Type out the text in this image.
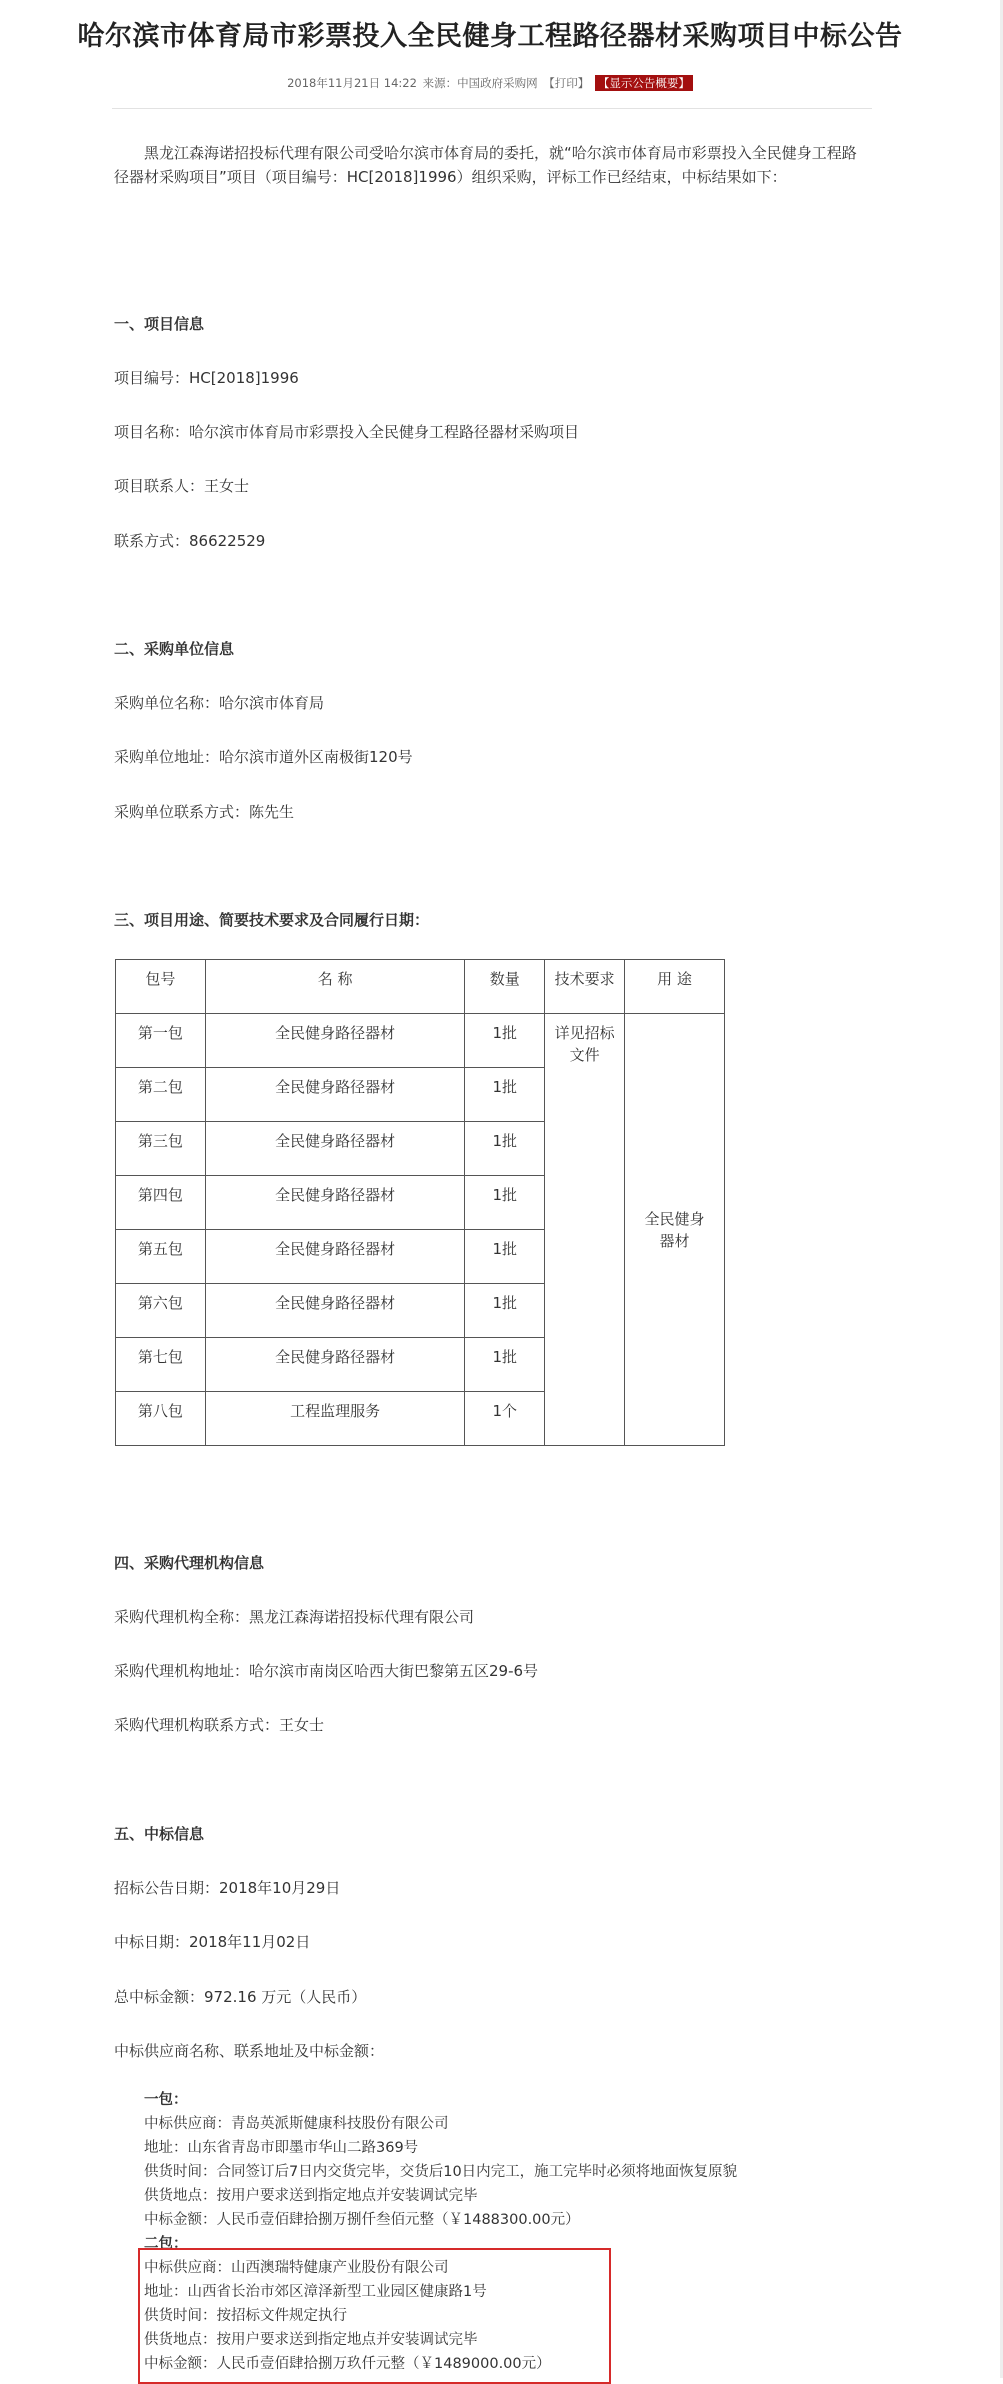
哈尔滨市体育局市彩票投入全民健身工程路径器材采购项目中标公告
2018年11月21日 14:22 来源：中国政府采购网 【打印】 【显示公告概要】

黑龙江森海诺招投标代理有限公司受哈尔滨市体育局的委托，就“哈尔滨市体育局市彩票投入全民健身工程路径器材采购项目”项目（项目编号：HC[2018]1996）组织采购，评标工作已经结束，中标结果如下：

一、项目信息

项目编号：HC[2018]1996

项目名称：哈尔滨市体育局市彩票投入全民健身工程路径器材采购项目

项目联系人：王女士

联系方式：86622529

二、采购单位信息

采购单位名称：哈尔滨市体育局

采购单位地址：哈尔滨市道外区南极街120号

采购单位联系方式：陈先生

三、项目用途、简要技术要求及合同履行日期：

包号	名 称	数量	技术要求	用 途
第一包	全民健身路径器材	1批	详见招标文件	全民健身器材
第二包	全民健身路径器材	1批		
第三包	全民健身路径器材	1批		
第四包	全民健身路径器材	1批		
第五包	全民健身路径器材	1批		
第六包	全民健身路径器材	1批		
第七包	全民健身路径器材	1批		
第八包	工程监理服务	1个		

四、采购代理机构信息

采购代理机构全称：黑龙江森海诺招投标代理有限公司

采购代理机构地址：哈尔滨市南岗区哈西大街巴黎第五区29-6号

采购代理机构联系方式：王女士

五、中标信息

招标公告日期：2018年10月29日

中标日期：2018年11月02日

总中标金额：972.16 万元（人民币）

中标供应商名称、联系地址及中标金额：

一包：

中标供应商：青岛英派斯健康科技股份有限公司

地址：山东省青岛市即墨市华山二路369号

供货时间：合同签订后7日内交货完毕，交货后10日内完工，施工完毕时必须将地面恢复原貌

供货地点：按用户要求送到指定地点并安装调试完毕

中标金额：人民币壹佰肆拾捌万捌仟叁佰元整（￥1488300.00元）

二包：

中标供应商：山西澳瑞特健康产业股份有限公司

地址：山西省长治市郊区漳泽新型工业园区健康路1号

供货时间：按招标文件规定执行

供货地点：按用户要求送到指定地点并安装调试完毕

中标金额：人民币壹佰肆拾捌万玖仟元整（￥1489000.00元）
